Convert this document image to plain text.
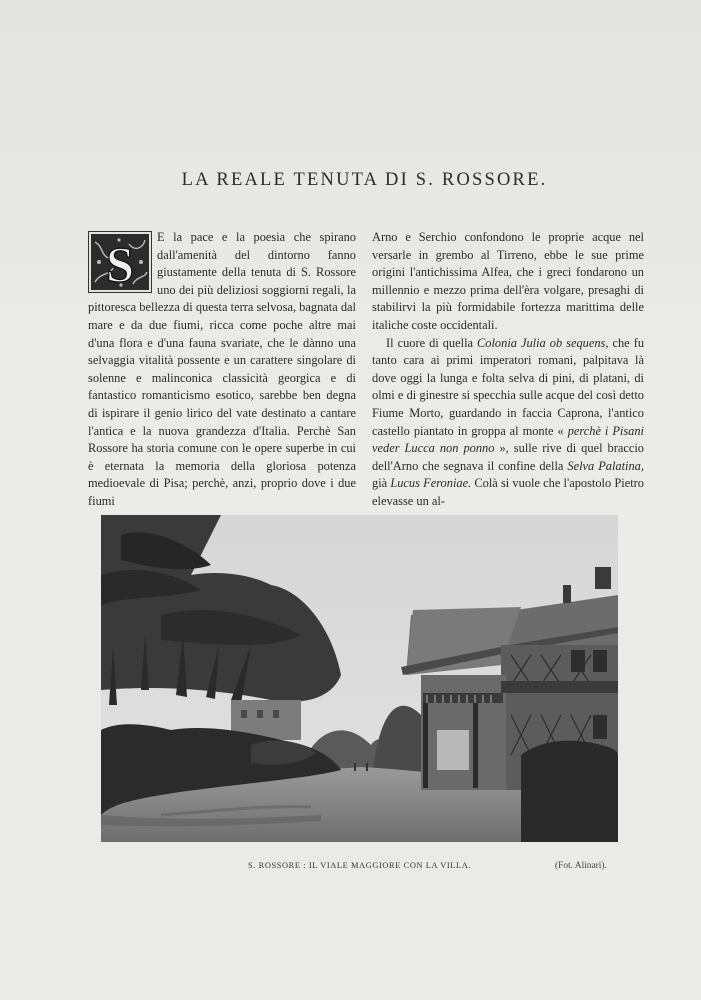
LA REALE TENUTA DI S. ROSSORE.

S E la pace e la poesia che spirano dall'amenità del dintorno fanno giustamente della tenuta di S. Rossore uno dei più deliziosi soggiorni regali, la pittoresca bellezza di questa terra selvosa, bagnata dal mare e da due fiumi, ricca come poche altre mai d'una flora e d'una fauna svariate, che le dànno una selvaggia vitalità possente e un carattere singolare di solenne e malinconica classicità georgica e di fantastico romanticismo esotico, sarebbe ben degna di ispirare il genio lirico del vate destinato a cantare l'antica e la nuova grandezza d'Italia. Perchè San Rossore ha storia comune con le opere superbe in cui è eternata la memoria della gloriosa potenza medioevale di Pisa; perchè, anzi, proprio dove i due fiumi

Arno e Serchio confondono le proprie acque nel versarle in grembo al Tirreno, ebbe le sue prime origini l'antichissima Alfea, che i greci fondarono un millennio e mezzo prima dell'èra volgare, presaghi di stabilirvi la più formidabile fortezza marittima delle italiche coste occidentali.

Il cuore di quella Colonia Julia ob sequens, che fu tanto cara ai primi imperatori romani, palpitava là dove oggi la lunga e folta selva di pini, di platani, di olmi e di ginestre si specchia sulle acque del così detto Fiume Morto, guardando in faccia Caprona, l'antico castello piantato in groppa al monte « perchè i Pisani veder Lucca non ponno », sulle rive di quel braccio dell'Arno che segnava il confine della Selva Palatina, già Lucus Feroniae. Colà si vuole che l'apostolo Pietro elevasse un al-

S. ROSSORE : IL VIALE MAGGIORE CON LA VILLA.	(Fot. Alinari).
